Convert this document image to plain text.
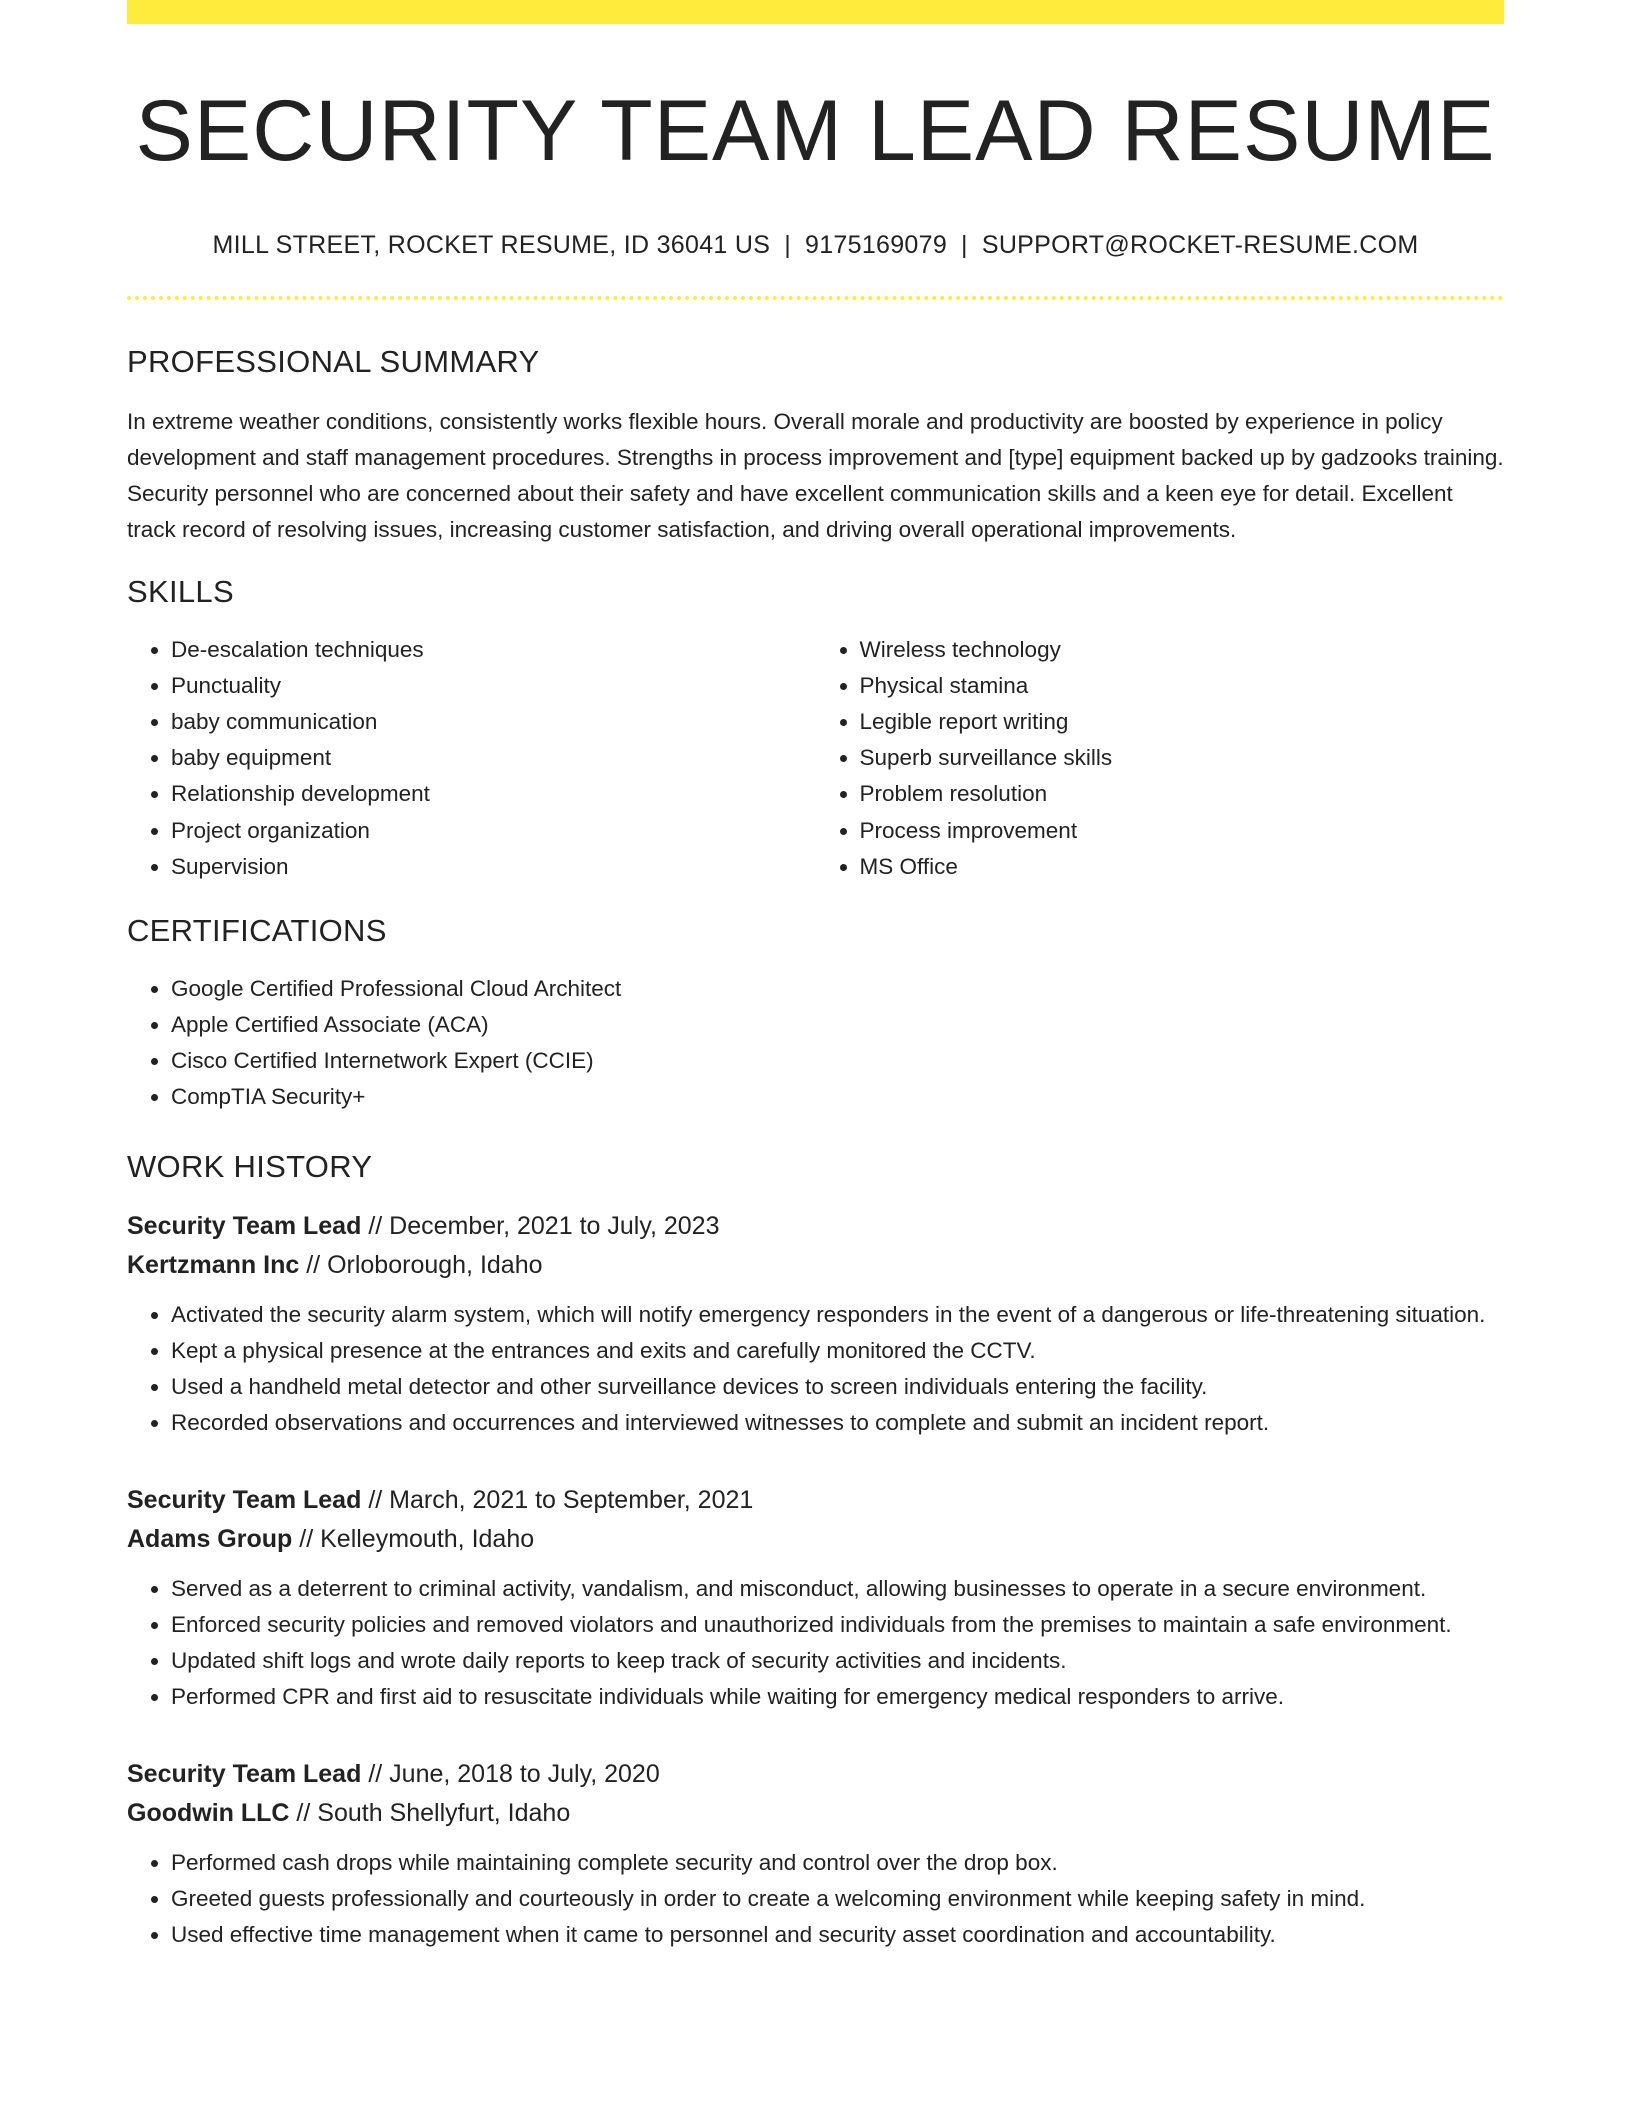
SECURITY TEAM LEAD RESUME
MILL STREET, ROCKET RESUME, ID 36041 US | 9175169079 | SUPPORT@ROCKET-RESUME.COM
PROFESSIONAL SUMMARY

In extreme weather conditions, consistently works flexible hours. Overall morale and productivity are boosted by experience in policy development and staff management procedures. Strengths in process improvement and [type] equipment backed up by gadzooks training. Security personnel who are concerned about their safety and have excellent communication skills and a keen eye for detail. Excellent track record of resolving issues, increasing customer satisfaction, and driving overall operational improvements.

SKILLS
• De-escalation techniques
• Punctuality
• baby communication
• baby equipment
• Relationship development
• Project organization
• Supervision
• Wireless technology
• Physical stamina
• Legible report writing
• Superb surveillance skills
• Problem resolution
• Process improvement
• MS Office
CERTIFICATIONS
• Google Certified Professional Cloud Architect
• Apple Certified Associate (ACA)
• Cisco Certified Internetwork Expert (CCIE)
• CompTIA Security+
WORK HISTORY
Security Team Lead // December, 2021 to July, 2023
Kertzmann Inc // Orloborough, Idaho
• Activated the security alarm system, which will notify emergency responders in the event of a dangerous or life-threatening situation.
• Kept a physical presence at the entrances and exits and carefully monitored the CCTV.
• Used a handheld metal detector and other surveillance devices to screen individuals entering the facility.
• Recorded observations and occurrences and interviewed witnesses to complete and submit an incident report.
Security Team Lead // March, 2021 to September, 2021
Adams Group // Kelleymouth, Idaho
• Served as a deterrent to criminal activity, vandalism, and misconduct, allowing businesses to operate in a secure environment.
• Enforced security policies and removed violators and unauthorized individuals from the premises to maintain a safe environment.
• Updated shift logs and wrote daily reports to keep track of security activities and incidents.
• Performed CPR and first aid to resuscitate individuals while waiting for emergency medical responders to arrive.
Security Team Lead // June, 2018 to July, 2020
Goodwin LLC // South Shellyfurt, Idaho
• Performed cash drops while maintaining complete security and control over the drop box.
• Greeted guests professionally and courteously in order to create a welcoming environment while keeping safety in mind.
• Used effective time management when it came to personnel and security asset coordination and accountability.
